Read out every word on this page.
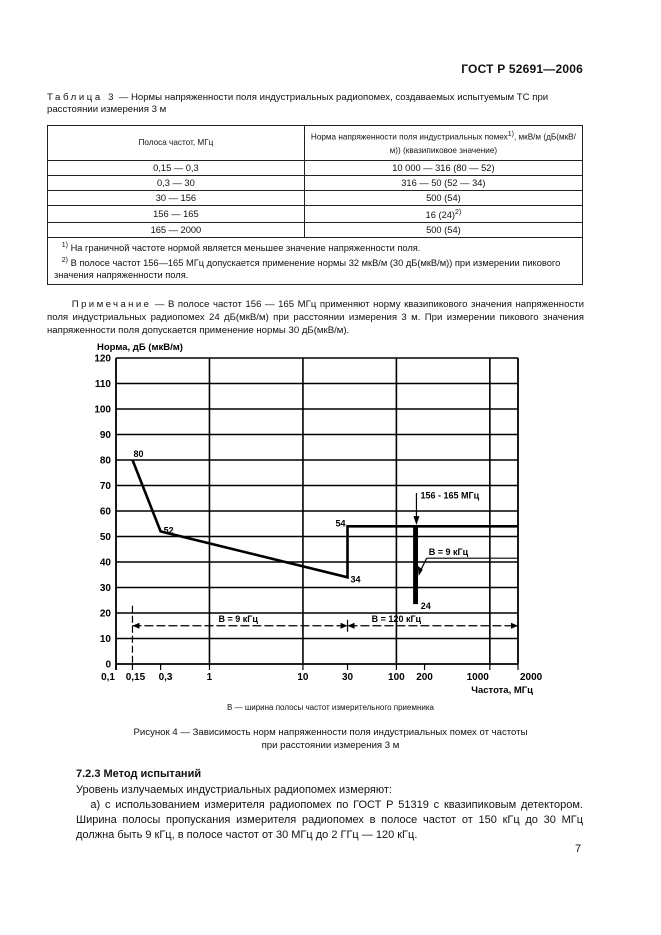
ГОСТ Р 52691—2006
Таблица 3 — Нормы напряженности поля индустриальных радиопомех, создаваемых испытуемым ТС при расстоянии измерения 3 м
Полоса частот, МГц	Норма напряженности поля индустриальных помех$^{1)}$, мкВ/м (дБ(мкВ/м)) (квазипиковое значение)
0,15 — 0,3	10 000 — 316 (80 — 52)
0,3 — 30	316 — 50 (52 — 34)
30 — 156	500 (54)
156 — 165	16 $(24)^{2)}$
165 — 2000	500 (54)

$^{1)}$ На граничной частоте нормой является меньшее значение напряженности поля.
$^{2)}$ В полосе частот 156—165 МГц допускается применение нормы 32 мкВ/м (30 дБ(мкВ/м)) при измерении пикового значения напряженности поля.	
Примечание — В полосе частот 156 — 165 МГц применяют норму квазипикового значения напряженности поля индустриальных радиопомех 24 дБ(мкВ/м) при расстоянии измерения 3 м. При измерении пикового значения напряженности поля допускается применение нормы 30 дБ(мкВ/м).
0
10
20
30
40
50
60
70
80
90
100
110
120
0,1 0,15 0,3	1	10	30	100 200	1000	2000
Норма, дБ (мкВ/м)
Частота, МГц
80
52
34
54
24
156 - 165 МГц
В = 9 кГц
В = 9 кГц	В = 120 кГц
В — ширина полосы частот измерительного приемника
Рисунок 4 — Зависимость норм напряженности поля индустриальных помех от частоты
при расстоянии измерения 3 м
7.2.3 Метод испытаний
Уровень излучаемых индустриальных радиопомех измеряют:
а) с использованием измерителя радиопомех по ГОСТ Р 51319 с квазипиковым детектором. Ширина полосы пропускания измерителя радиопомех в полосе частот от 150 кГц до 30 МГц должна быть 9 кГц, в полосе частот от 30 МГц до 2 ГГц — 120 кГц.
7
